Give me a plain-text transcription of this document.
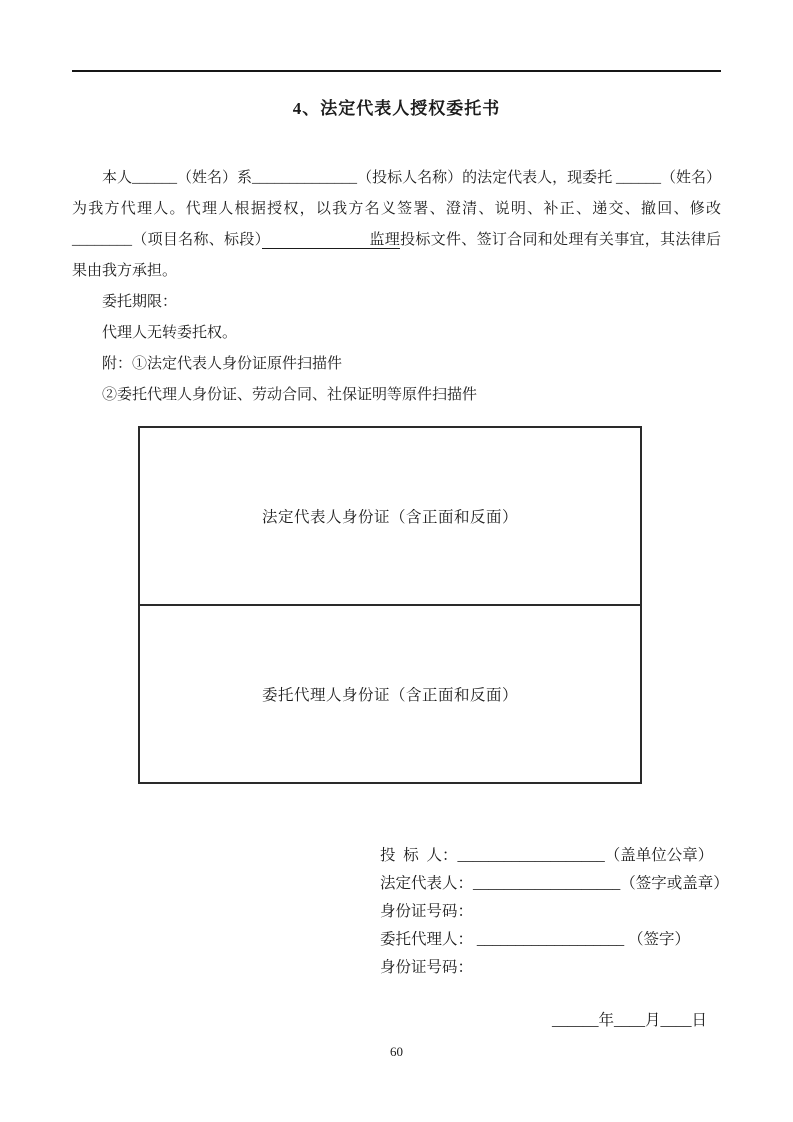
4、法定代表人授权委托书

本人______（姓名）系______________（投标人名称）的法定代表人，现委托 ______（姓名）为我方代理人。代理人根据授权，以我方名义签署、澄清、说明、补正、递交、撤回、修改 ________（项目名称、标段）　　　　　　　监理投标文件、签订合同和处理有关事宜，其法律后果由我方承担。

委托期限：

代理人无转委托权。

附：①法定代表人身份证原件扫描件

②委托代理人身份证、劳动合同、社保证明等原件扫描件

法定代表人身份证（含正面和反面）
委托代理人身份证（含正面和反面）
投 标 人：___________________（盖单位公章）
法定代表人：___________________（签字或盖章）
身份证号码：
委托代理人： ___________________ （签字）
身份证号码：
______年____月____日
60
